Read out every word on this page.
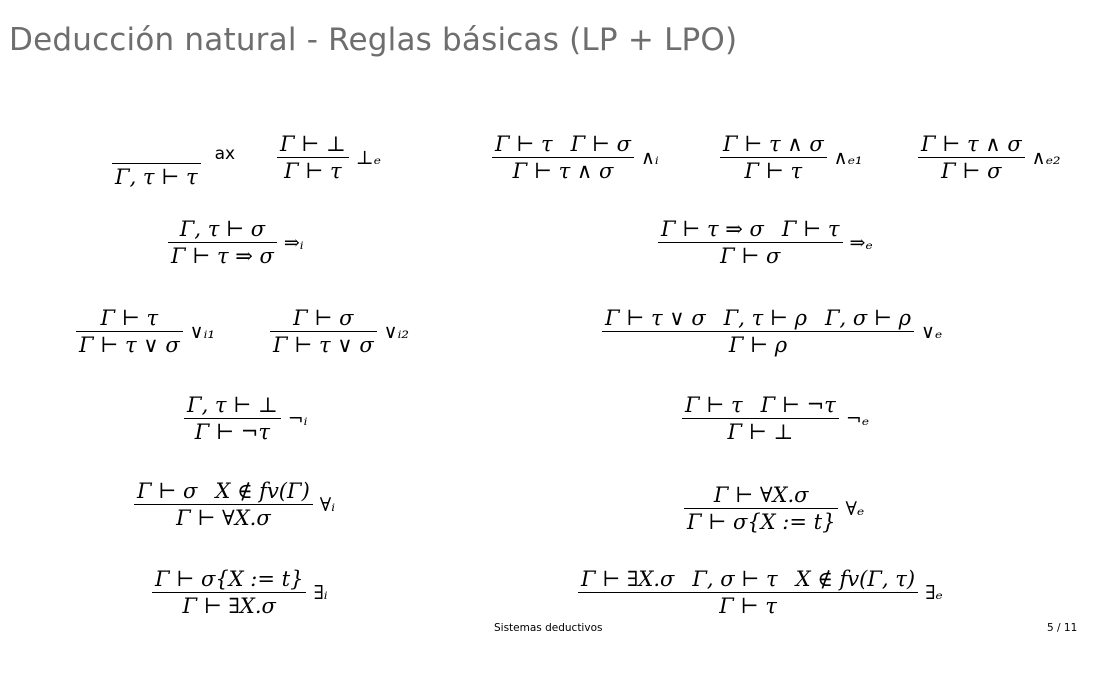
Deducción natural - Reglas básicas (LP + LPO)
Γ, τ ⊢ τ
ax $\frac{\Gamma ⊢ \perp}{\Gamma ⊢ \tau}$ ⊥ₑ	$\frac{\text{Γ ⊢ τ Γ ⊢ σ}}{\Gamma ⊢ \tau \wedge \sigma}$ ∧ᵢ	$\frac{\Gamma ⊢ \tau \wedge \sigma}{\Gamma ⊢ \tau}$ ∧ₑ₁	$\frac{\Gamma ⊢ \tau \wedge \sigma}{\Gamma ⊢ \sigma}$ ∧ₑ₂
$\frac{\Gamma, \tau ⊢ \sigma}{\Gamma ⊢ \tau \Rightarrow \sigma}$ ⇒ᵢ	$\frac{\text{Γ ⊢ τ ⇒ σ Γ ⊢ τ}}{\Gamma ⊢ \sigma}$ ⇒ₑ
$\frac{\Gamma ⊢ \tau}{\Gamma ⊢ \tau \vee \sigma}$ ∨ᵢ₁	$\frac{\Gamma ⊢ \sigma}{\Gamma ⊢ \tau \vee \sigma}$ ∨ᵢ₂	$\frac{\text{Γ ⊢ τ ∨ σ Γ, τ ⊢ ρ Γ, σ ⊢ ρ}}{\Gamma ⊢ \rho}$ ∨ₑ
$\frac{\Gamma, \tau ⊢ \perp}{\Gamma ⊢ \neg\tau}$ ¬ᵢ	$\frac{\text{Γ ⊢ τ Γ ⊢ ¬τ}}{\Gamma ⊢ \perp}$ ¬ₑ
$\frac{\text{Γ ⊢ σ X ∉ fv(Γ)}}{\Gamma ⊢ \forall X.\sigma}$ ∀ᵢ	$\frac{\Gamma ⊢ \forall X.\sigma}{\Gamma ⊢ \sigma\{X := t\}}$ ∀ₑ
$\frac{\Gamma ⊢ \sigma\{X := t\}}{\Gamma ⊢ \exists X.\sigma}$ ∃ᵢ	$\frac{\text{Γ ⊢ ∃X.σ Γ, σ ⊢ τ X ∉ fv(Γ, τ)}}{\Gamma ⊢ \tau}$ ∃ₑ
Sistemas deductivos	5 / 11
